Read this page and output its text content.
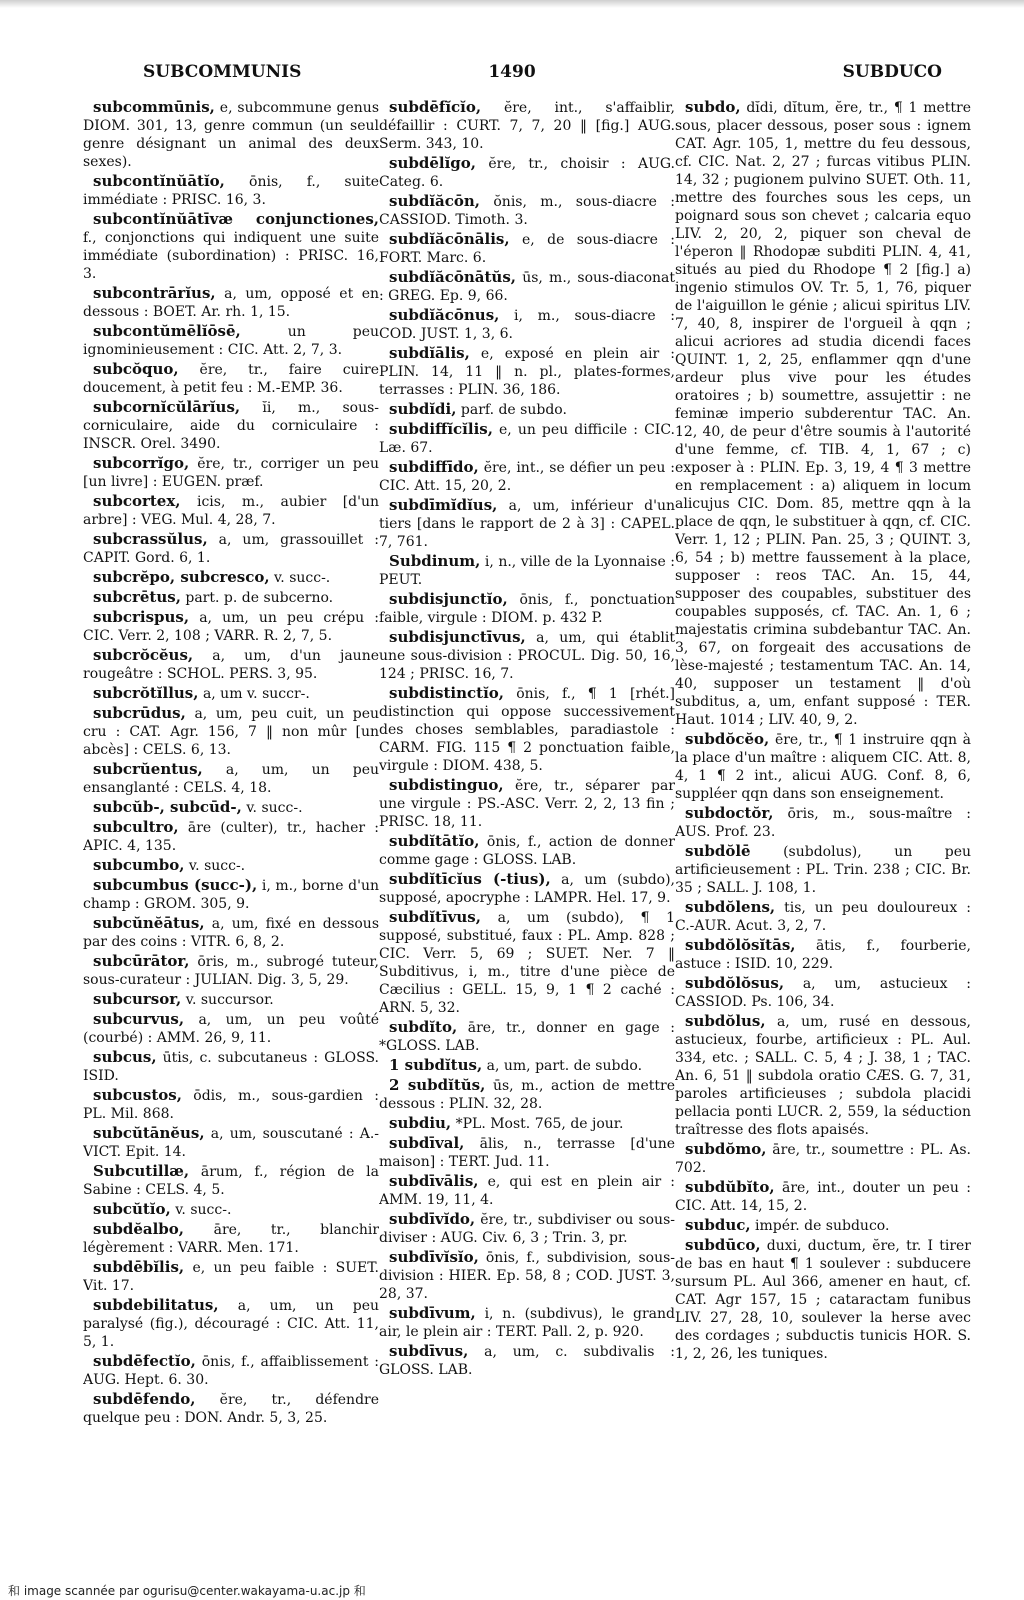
SUBCOMMUNIS	1490	SUBDUCO

subcommūnis, e, subcommune genus DIOM. 301, 13, genre commun (un seul genre désignant un animal des deux sexes).

subcontĭnŭātĭo, ōnis, f., suite immédiate : PRISC. 16, 3.

subcontĭnŭātīvæ conjunctiones, f., conjonctions qui indiquent une suite immédiate (subordination) : PRISC. 16, 3.

subcontrārĭus, a, um, opposé et en dessous : BOET. Ar. rh. 1, 15.

subcontŭmēlĭōsē,	un peu ignominieusement : CIC. Att. 2, 7, 3.

subcŏquo, ĕre, tr., faire cuire doucement, à petit feu : M.-EMP. 36.

subcornĭcŭlārĭus, ĭi, m., sous-corniculaire, aide du corniculaire : INSCR. Orel. 3490.

subcorrĭgo, ĕre, tr., corriger un peu [un livre] : EUGEN. præf.

subcortex, icis, m., aubier [d'un arbre] : VEG. Mul. 4, 28, 7.

subcrassŭlus, a, um, grassouillet : CAPIT. Gord. 6, 1.

subcrĕpo, subcresco, v. succ-.

subcrētus, part. p. de subcerno.

subcrispus, a, um, un peu crépu : CIC. Verr. 2, 108 ; VARR. R. 2, 7, 5.

subcrŏcĕus, a, um, d'un jaune rougeâtre : SCHOL. PERS. 3, 95.

subcrŏtĭllus, a, um v. succr-.

subcrūdus, a, um, peu cuit, un peu cru : CAT. Agr. 156, 7 ‖ non mûr [un abcès] : CELS. 6, 13.

subcrŭentus, a, um, un peu ensanglanté : CELS. 4, 18.

subcŭb-, subcūd-, v. succ-.

subcultro, āre (culter), tr., hacher : APIC. 4, 135.

subcumbo, v. succ-.

subcumbus (succ-), i, m., borne d'un champ : GROM. 305, 9.

subcŭnĕātus, a, um, fixé en dessous par des coins : VITR. 6, 8, 2.

subcūrātor, ōris, m., subrogé tuteur, sous-curateur : JULIAN. Dig. 3, 5, 29.

subcursor, v. succursor.

subcurvus, a, um, un peu voûté (courbé) : AMM. 26, 9, 11.

subcus, ūtis, c. subcutaneus : GLOSS. ISID.

subcustos, ōdis, m., sous-gardien : PL. Mil. 868.

subcŭtānĕus, a, um, souscutané : A.-VICT. Epit. 14.

Subcutillæ, ārum, f., région de la Sabine : CELS. 4, 5.

subcŭtĭo, v. succ-.

subdĕalbo, āre, tr., blanchir légèrement : VARR. Men. 171.

subdēbĭlis, e, un peu faible : SUET. Vit. 17.

subdebilitatus, a, um, un peu paralysé (fig.), découragé : CIC. Att. 11, 5, 1.

subdēfectĭo, ōnis, f., affaiblissement : AUG. Hept. 6. 30.

subdēfendo, ĕre, tr., défendre quelque peu : DON. Andr. 5, 3, 25.

subdēfĭcĭo, ĕre, int., s'affaiblir, défaillir : CURT. 7, 7, 20 ‖ [fig.] AUG. Serm. 343, 10.

subdēlĭgo, ĕre, tr., choisir : AUG. Categ. 6.

subdĭăcōn, ŏnis, m., sous-diacre : CASSIOD. Timoth. 3.

subdĭăcōnālis, e, de sous-diacre : FORT. Marc. 6.

subdĭăcōnātŭs, ūs, m., sous-diaconat : GREG. Ep. 9, 66.

subdĭăcōnus, i, m., sous-diacre : COD. JUST. 1, 3, 6.

subdĭālis, e, exposé en plein air : PLIN. 14, 11 ‖ n. pl., plates-formes, terrasses : PLIN. 36, 186.

subdĭdi, parf. de subdo.

subdiffĭcĭlis, e, un peu difficile : CIC. Læ. 67.

subdiffīdo, ĕre, int., se défier un peu : CIC. Att. 15, 20, 2.

subdīmĭdĭus, a, um, inférieur d'un tiers [dans le rapport de 2 à 3] : CAPEL. 7, 761.

Subdinum, i, n., ville de la Lyonnaise : PEUT.

subdisjunctĭo, ōnis, f., ponctuation faible, virgule : DIOM. p. 432 P.

subdisjunctīvus, a, um, qui établit une sous-division : PROCUL. Dig. 50, 16, 124 ; PRISC. 16, 7.

subdistinctĭo, ōnis, f., ¶ 1 [rhét.] distinction qui oppose successivement des choses semblables, paradiastole : CARM. FIG. 115 ¶ 2 ponctuation faible, virgule : DIOM. 438, 5.

subdistinguo, ĕre, tr., séparer par une virgule : PS.-ASC. Verr. 2, 2, 13 fin ; PRISC. 18, 11.

subdĭtātĭo, ōnis, f., action de donner comme gage : GLOSS. LAB.

subdĭtīcĭus (-tius), a, um (subdo), supposé, apocryphe : LAMPR. Hel. 17, 9.

subdĭtīvus, a, um (subdo), ¶ 1 supposé, substitué, faux : PL. Amp. 828 ; CIC. Verr. 5, 69 ; SUET. Ner. 7 ‖ Subditivus, i, m., titre d'une pièce de Cæcilius : GELL. 15, 9, 1 ¶ 2 caché : ARN. 5, 32.

subdĭto, āre, tr., donner en gage : *GLOSS. LAB.

1 subdĭtus, a, um, part. de subdo.

2 subdĭtŭs, ūs, m., action de mettre dessous : PLIN. 32, 28.

subdiu, *PL. Most. 765, de jour.

subdīval, ālis, n., terrasse [d'une maison] : TERT. Jud. 11.

subdīvālis, e, qui est en plein air : AMM. 19, 11, 4.

subdīvĭdo, ĕre, tr., subdiviser ou sous-diviser : AUG. Civ. 6, 3 ; Trin. 3, pr.

subdīvĭsĭo, ōnis, f., subdivision, sous-division : HIER. Ep. 58, 8 ; COD. JUST. 3, 28, 37.

subdīvum, i, n. (subdivus), le grand air, le plein air : TERT. Pall. 2, p. 920.

subdīvus, a, um, c. subdivalis : GLOSS. LAB.

subdo, dĭdi, dĭtum, ĕre, tr., ¶ 1 mettre sous, placer dessous, poser sous : ignem CAT. Agr. 105, 1, mettre du feu dessous, cf. CIC. Nat. 2, 27 ; furcas vitibus PLIN. 14, 32 ; pugionem pulvino SUET. Oth. 11, mettre des fourches sous les ceps, un poignard sous son chevet ; calcaria equo LIV. 2, 20, 2, piquer son cheval de l'éperon ‖ Rhodopæ subditi PLIN. 4, 41, situés au pied du Rhodope ¶ 2 [fig.] a) ingenio stimulos OV. Tr. 5, 1, 76, piquer de l'aiguillon le génie ; alicui spiritus LIV. 7, 40, 8, inspirer de l'orgueil à qqn ; alicui acriores ad studia dicendi faces QUINT. 1, 2, 25, enflammer qqn d'une ardeur plus vive pour les études oratoires ; b) soumettre, assujettir : ne feminæ imperio subderentur TAC. An. 12, 40, de peur d'être soumis à l'autorité d'une femme, cf. TIB. 4, 1, 67 ; c) exposer à : PLIN. Ep. 3, 19, 4 ¶ 3 mettre en remplacement : a) aliquem in locum alicujus CIC. Dom. 85, mettre qqn à la place de qqn, le substituer à qqn, cf. CIC. Verr. 1, 12 ; PLIN. Pan. 25, 3 ; QUINT. 3, 6, 54 ; b) mettre faussement à la place, supposer : reos TAC. An. 15, 44, supposer des coupables, substituer des coupables supposés, cf. TAC. An. 1, 6 ; majestatis crimina subdebantur TAC. An. 3, 67, on forgeait des accusations de lèse-majesté ; testamentum TAC. An. 14, 40, supposer un testament ‖ d'où subditus, a, um, enfant supposé : TER. Haut. 1014 ; LIV. 40, 9, 2.

subdŏcĕo, ēre, tr., ¶ 1 instruire qqn à la place d'un maître : aliquem CIC. Att. 8, 4, 1 ¶ 2 int., alicui AUG. Conf. 8, 6, suppléer qqn dans son enseignement.

subdoctŏr, ōris, m., sous-maître : AUS. Prof. 23.

subdŏlē (subdolus), un peu artificieusement : PL. Trin. 238 ; CIC. Br. 35 ; SALL. J. 108, 1.

subdŏlens, tis, un peu douloureux : C.-AUR. Acut. 3, 2, 7.

subdŏlŏsĭtās, ātis, f., fourberie, astuce : ISID. 10, 229.

subdŏlŏsus, a, um, astucieux : CASSIOD. Ps. 106, 34.

subdŏlus, a, um, rusé en dessous, astucieux, fourbe, artificieux : PL. Aul. 334, etc. ; SALL. C. 5, 4 ; J. 38, 1 ; TAC. An. 6, 51 ‖ subdola oratio CÆS. G. 7, 31, paroles artificieuses ; subdola placidi pellacia ponti LUCR. 2, 559, la séduction traîtresse des flots apaisés.

subdŏmo, āre, tr., soumettre : PL. As. 702.

subdŭbĭto, āre, int., douter un peu : CIC. Att. 14, 15, 2.

subduc, impér. de subduco.

subdūco, duxi, ductum, ĕre, tr. I tirer de bas en haut ¶ 1 soulever : subducere sursum PL. Aul 366, amener en haut, cf. CAT. Agr 157, 15 ; cataractam funibus LIV. 27, 28, 10, soulever la herse avec des cordages ; subductis tunicis HOR. S. 1, 2, 26, les tuniques.

和 image scannée par ogurisu@center.wakayama-u.ac.jp 和
